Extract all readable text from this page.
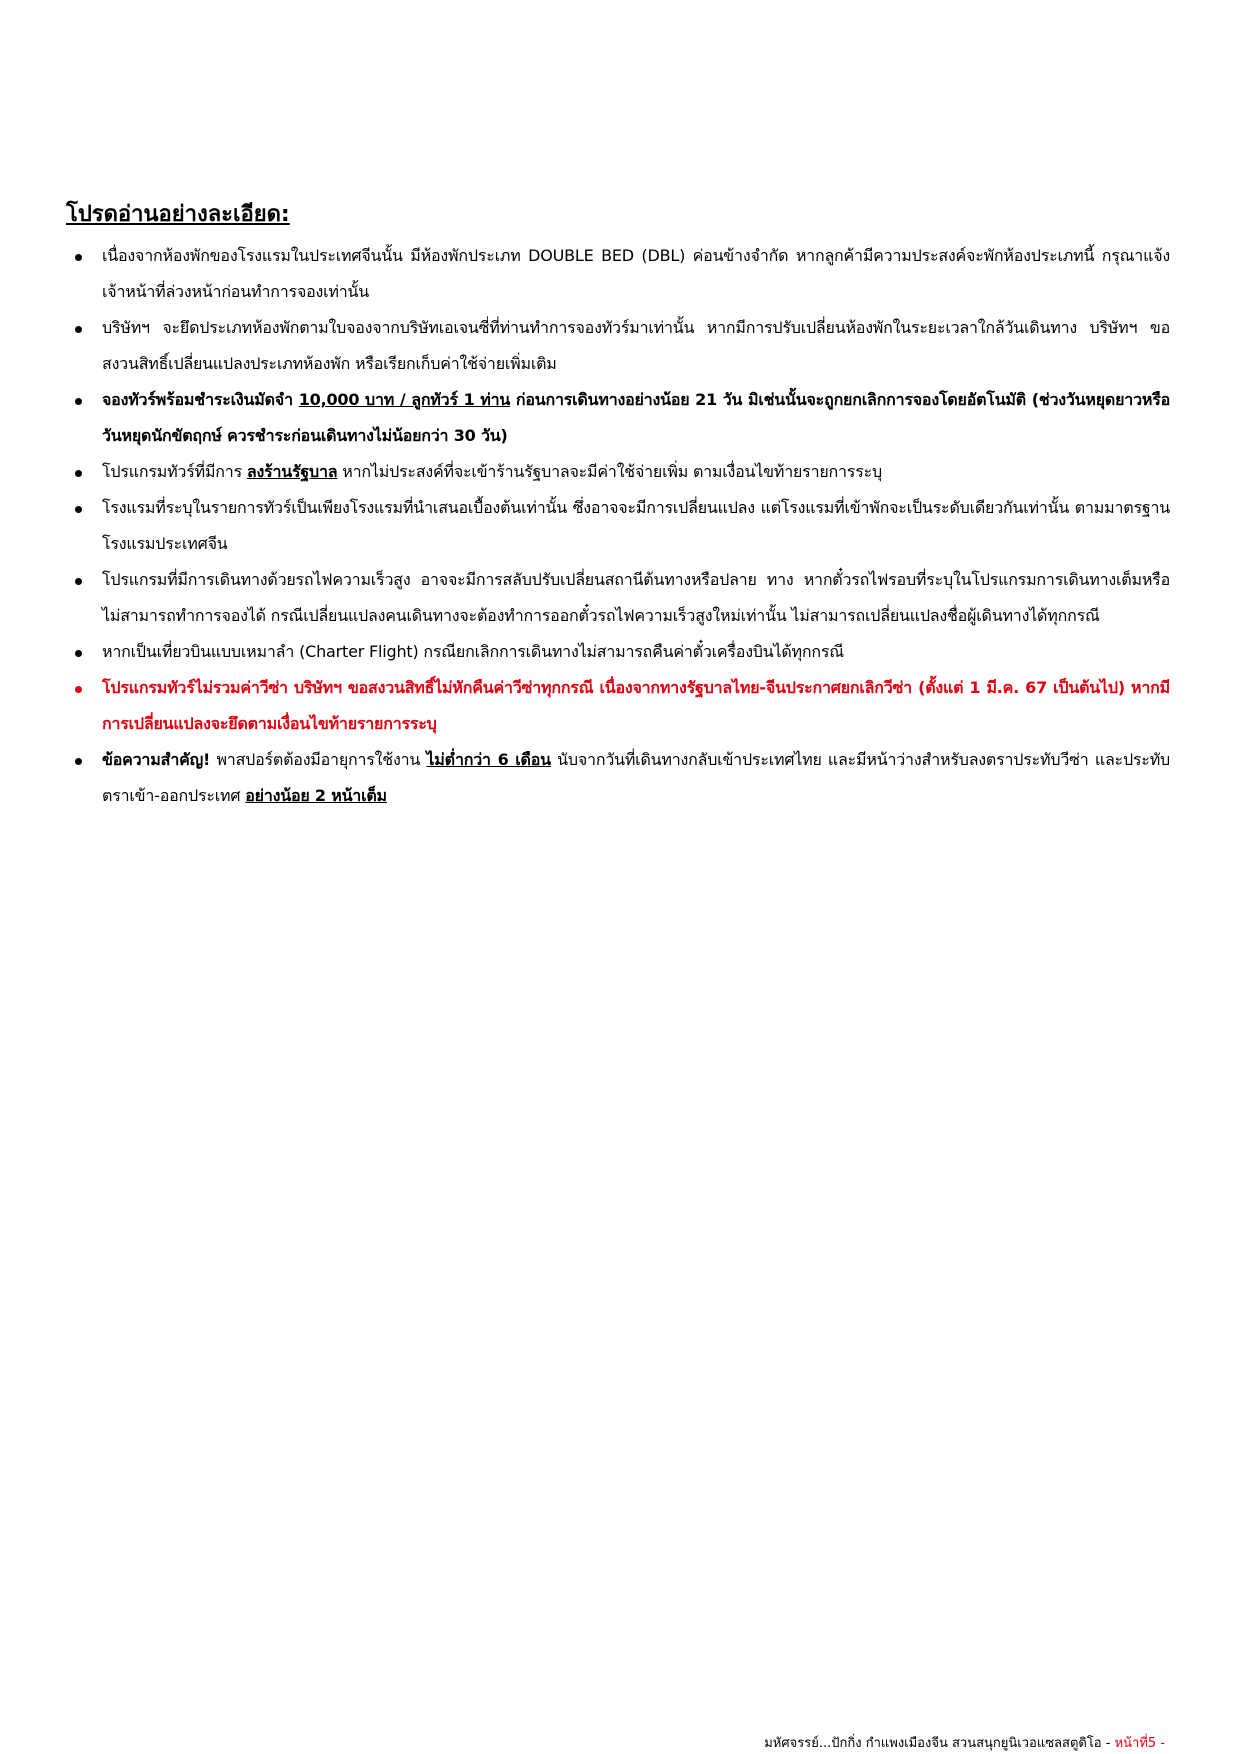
โปรดอ่านอย่างละเอียด:
เนื่องจากห้องพักของโรงแรมในประเทศจีนนั้น มีห้องพักประเภท DOUBLE BED (DBL) ค่อนข้างจำกัด หากลูกค้ามีความประสงค์จะพักห้องประเภทนี้ กรุณาแจ้งเจ้าหน้าที่ล่วงหน้าก่อนทำการจองเท่านั้น
บริษัทฯ จะยึดประเภทห้องพักตามใบจองจากบริษัทเอเจนซี่ที่ท่านทำการจองทัวร์มาเท่านั้น หากมีการปรับเปลี่ยนห้องพักในระยะเวลาใกล้วันเดินทาง บริษัทฯ ขอสงวนสิทธิ์เปลี่ยนแปลงประเภทห้องพัก หรือเรียกเก็บค่าใช้จ่ายเพิ่มเติม
จองทัวร์พร้อมชำระเงินมัดจำ 10,000 บาท / ลูกทัวร์ 1 ท่าน ก่อนการเดินทางอย่างน้อย 21 วัน มิเช่นนั้นจะถูกยกเลิกการจองโดยอัตโนมัติ (ช่วงวันหยุดยาวหรือวันหยุดนักขัตฤกษ์ ควรชำระก่อนเดินทางไม่น้อยกว่า 30 วัน)
โปรแกรมทัวร์ที่มีการ ลงร้านรัฐบาล หากไม่ประสงค์ที่จะเข้าร้านรัฐบาลจะมีค่าใช้จ่ายเพิ่ม ตามเงื่อนไขท้ายรายการระบุ
โรงแรมที่ระบุในรายการทัวร์เป็นเพียงโรงแรมที่นำเสนอเบื้องต้นเท่านั้น ซึ่งอาจจะมีการเปลี่ยนแปลง แต่โรงแรมที่เข้าพักจะเป็นระดับเดียวกันเท่านั้น ตามมาตรฐานโรงแรมประเทศจีน
โปรแกรมที่มีการเดินทางด้วยรถไฟความเร็วสูง อาจจะมีการสลับปรับเปลี่ยนสถานีต้นทางหรือปลาย ทาง หากตั๋วรถไฟรอบที่ระบุในโปรแกรมการเดินทางเต็มหรือไม่สามารถทำการจองได้ กรณีเปลี่ยนแปลงคนเดินทางจะต้องทำการออกตั๋วรถไฟความเร็วสูงใหม่เท่านั้น ไม่สามารถเปลี่ยนแปลงชื่อผู้เดินทางได้ทุกกรณี
หากเป็นเที่ยวบินแบบเหมาลำ (Charter Flight) กรณียกเลิกการเดินทางไม่สามารถคืนค่าตั๋วเครื่องบินได้ทุกกรณี
โปรแกรมทัวร์ไม่รวมค่าวีซ่า บริษัทฯ ขอสงวนสิทธิ์ไม่หักคืนค่าวีซ่าทุกกรณี เนื่องจากทางรัฐบาลไทย-จีนประกาศยกเลิกวีซ่า (ตั้งแต่ 1 มี.ค. 67 เป็นต้นไป) หากมีการเปลี่ยนแปลงจะยึดตามเงื่อนไขท้ายรายการระบุ
ข้อความสำคัญ! พาสปอร์ตต้องมีอายุการใช้งาน ไม่ต่ำกว่า 6 เดือน นับจากวันที่เดินทางกลับเข้าประเทศไทย และมีหน้าว่างสำหรับลงตราประทับวีซ่า และประทับตราเข้า-ออกประเทศ อย่างน้อย 2 หน้าเต็ม
มหัศจรรย์...ปักกิ่ง กำแพงเมืองจีน สวนสนุกยูนิเวอแซลสตูดิโอ - หน้าที่5 -
